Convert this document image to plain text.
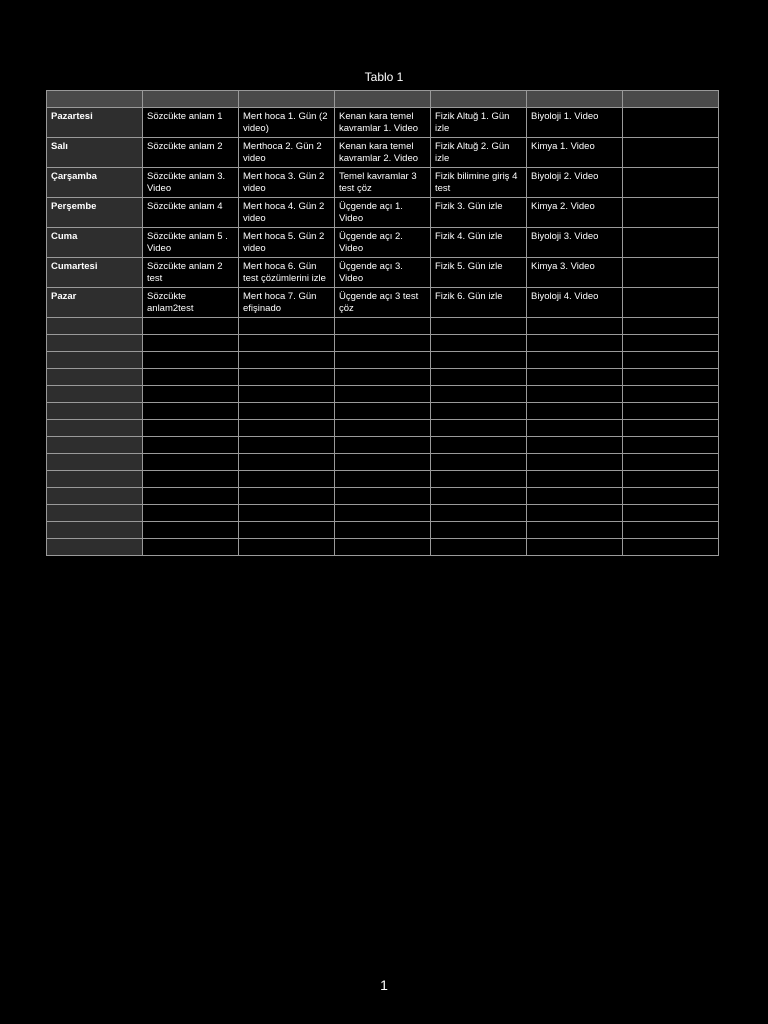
Tablo 1

Pazartesi	Sözcükte anlam 1	Mert hoca 1. Gün (2 video)	Kenan kara temel kavramlar 1. Video	Fizik Altuğ 1. Gün izle	Biyoloji 1. Video	
Salı	Sözcükte anlam 2	Merthoca 2. Gün 2 video	Kenan kara temel kavramlar 2. Video	Fizik Altuğ 2. Gün izle	Kimya 1. Video	
Çarşamba	Sözcükte anlam 3. Video	Mert hoca 3. Gün 2 video	Temel kavramlar 3 test çöz	Fizik bilimine giriş 4 test	Biyoloji 2. Video	
Perşembe	Sözcükte anlam 4	Mert hoca 4. Gün 2 video	Üçgende açı 1. Video	Fizik 3. Gün izle	Kimya 2. Video	
Cuma	Sözcükte anlam 5 . Video	Mert hoca 5. Gün 2 video	Üçgende açı 2. Video	Fizik 4. Gün izle	Biyoloji 3. Video	
Cumartesi	Sözcükte anlam 2 test	Mert hoca 6. Gün test çözümlerini izle	Üçgende açı 3. Video	Fizik 5. Gün izle	Kimya 3. Video	
Pazar	Sözcükte anlam2test	Mert hoca 7. Gün efişinado	Üçgende açı 3 test çöz	Fizik 6. Gün izle	Biyoloji 4. Video	

1
